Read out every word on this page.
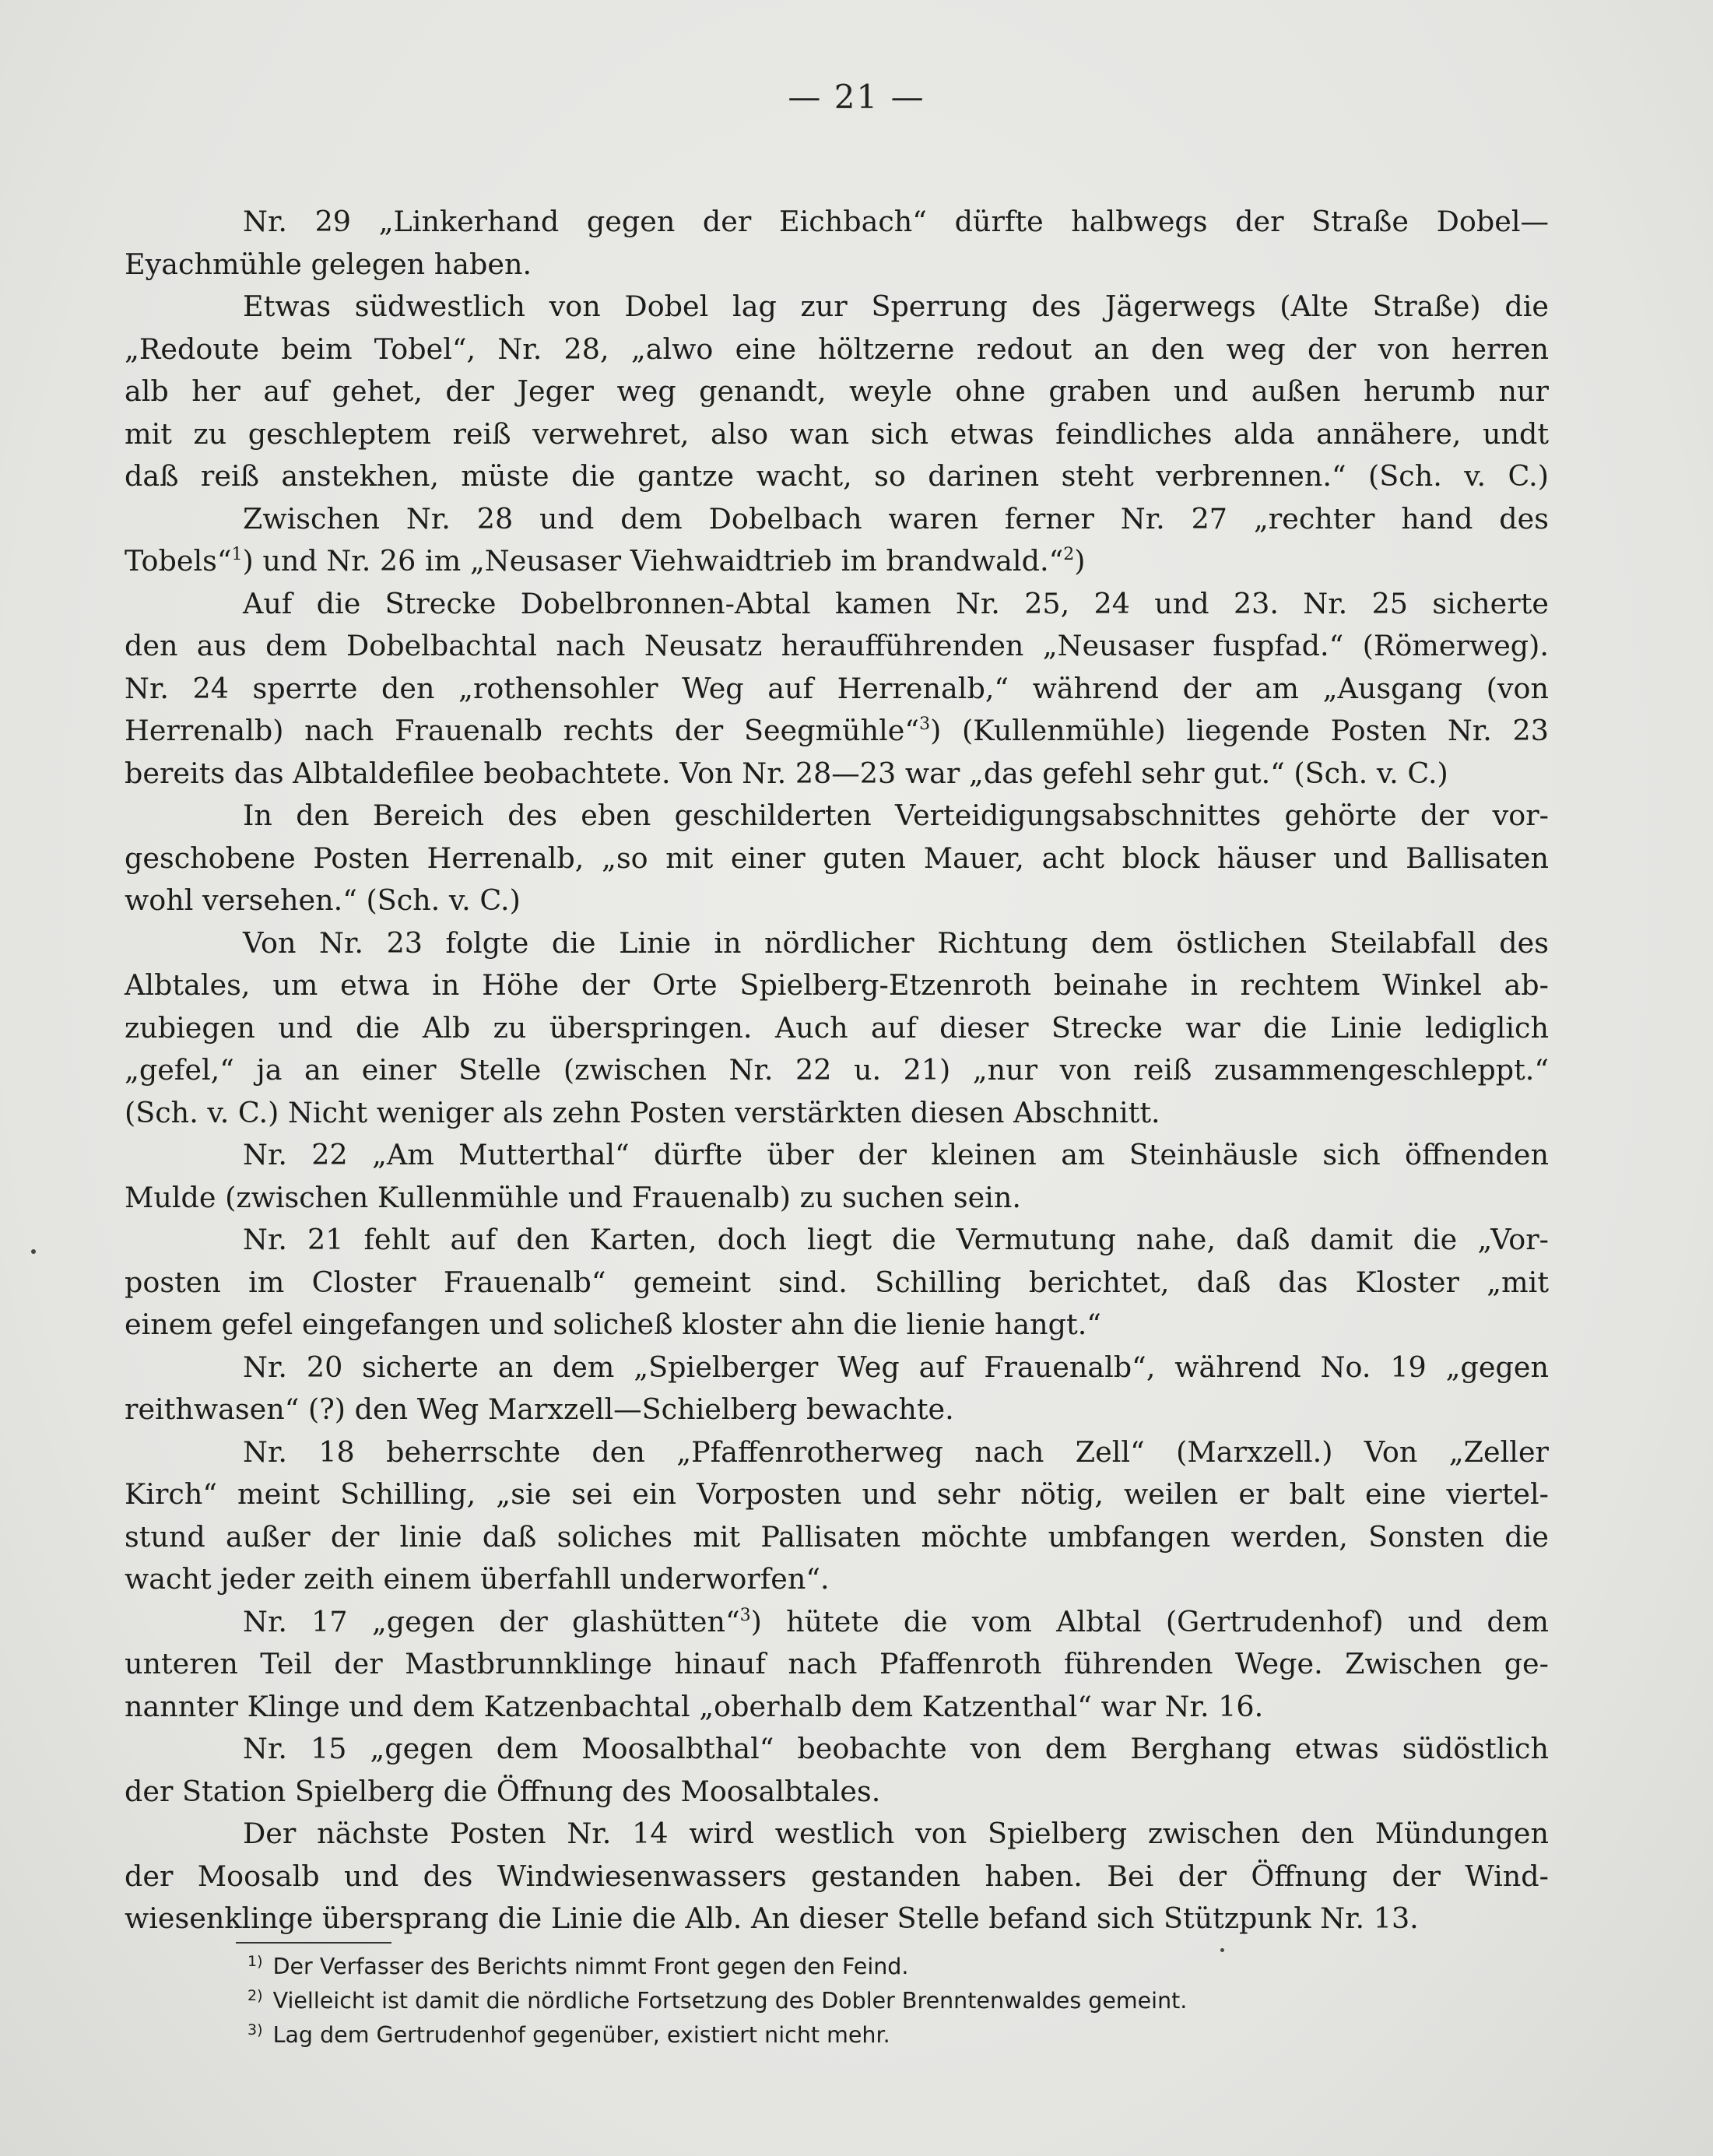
— 21 —
Nr. 29 „Linkerhand gegen der Eichbach“ dürfte halbwegs der Straße Dobel—
Eyachmühle gelegen haben.
Etwas südwestlich von Dobel lag zur Sperrung des Jägerwegs (Alte Straße) die
„Redoute beim Tobel“, Nr. 28, „alwo eine höltzerne redout an den weg der von herren
alb her auf gehet, der Jeger weg genandt, weyle ohne graben und außen herumb nur
mit zu geschleptem reiß verwehret, also wan sich etwas feindliches alda annähere, undt
daß reiß anstekhen, müste die gantze wacht, so darinen steht verbrennen.“ (Sch. v. C.)
Zwischen Nr. 28 und dem Dobelbach waren ferner Nr. 27 „rechter hand des
Tobels“$^1$) und Nr. 26 im „Neusaser Viehwaidtrieb im brandwald.“$^2$)
Auf die Strecke Dobelbronnen-Abtal kamen Nr. 25, 24 und 23. Nr. 25 sicherte
den aus dem Dobelbachtal nach Neusatz heraufführenden „Neusaser fuspfad.“ (Römerweg).
Nr. 24 sperrte den „rothensohler Weg auf Herrenalb,“ während der am „Ausgang (von
Herrenalb) nach Frauenalb rechts der Seegmühle“$^3$) (Kullenmühle) liegende Posten Nr. 23
bereits das Albtaldefilee beobachtete. Von Nr. 28—23 war „das gefehl sehr gut.“ (Sch. v. C.)
In den Bereich des eben geschilderten Verteidigungsabschnittes gehörte der vor-
geschobene Posten Herrenalb, „so mit einer guten Mauer, acht block häuser und Ballisaten
wohl versehen.“ (Sch. v. C.)
Von Nr. 23 folgte die Linie in nördlicher Richtung dem östlichen Steilabfall des
Albtales, um etwa in Höhe der Orte Spielberg-Etzenroth beinahe in rechtem Winkel ab-
zubiegen und die Alb zu überspringen. Auch auf dieser Strecke war die Linie lediglich
„gefel,“ ja an einer Stelle (zwischen Nr. 22 u. 21) „nur von reiß zusammengeschleppt.“
(Sch. v. C.) Nicht weniger als zehn Posten verstärkten diesen Abschnitt.
Nr. 22 „Am Mutterthal“ dürfte über der kleinen am Steinhäusle sich öffnenden
Mulde (zwischen Kullenmühle und Frauenalb) zu suchen sein.
Nr. 21 fehlt auf den Karten, doch liegt die Vermutung nahe, daß damit die „Vor-
posten im Closter Frauenalb“ gemeint sind. Schilling berichtet, daß das Kloster „mit
einem gefel eingefangen und solicheß kloster ahn die lienie hangt.“
Nr. 20 sicherte an dem „Spielberger Weg auf Frauenalb“, während No. 19 „gegen
reithwasen“ (?) den Weg Marxzell—Schielberg bewachte.
Nr. 18 beherrschte den „Pfaffenrotherweg nach Zell“ (Marxzell.) Von „Zeller
Kirch“ meint Schilling, „sie sei ein Vorposten und sehr nötig, weilen er balt eine viertel-
stund außer der linie daß soliches mit Pallisaten möchte umbfangen werden, Sonsten die
wacht jeder zeith einem überfahll underworfen“.
Nr. 17 „gegen der glashütten“$^3$) hütete die vom Albtal (Gertrudenhof) und dem
unteren Teil der Mastbrunnklinge hinauf nach Pfaffenroth führenden Wege. Zwischen ge-
nannter Klinge und dem Katzenbachtal „oberhalb dem Katzenthal“ war Nr. 16.
Nr. 15 „gegen dem Moosalbthal“ beobachte von dem Berghang etwas südöstlich
der Station Spielberg die Öffnung des Moosalbtales.
Der nächste Posten Nr. 14 wird westlich von Spielberg zwischen den Mündungen
der Moosalb und des Windwiesenwassers gestanden haben. Bei der Öffnung der Wind-
wiesenklinge übersprang die Linie die Alb. An dieser Stelle befand sich Stützpunk Nr. 13.
$^{1)}$ Der Verfasser des Berichts nimmt Front gegen den Feind.
$^{2)}$ Vielleicht ist damit die nördliche Fortsetzung des Dobler Brenntenwaldes gemeint.
$^{3)}$ Lag dem Gertrudenhof gegenüber, existiert nicht mehr.
